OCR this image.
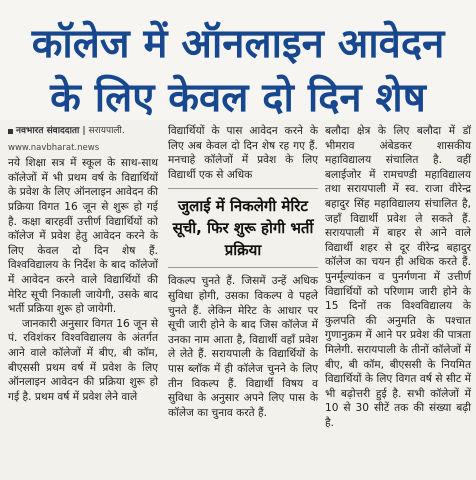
कॉलेज में ऑनलाइन आवेदन
के लिए केवल दो दिन शेष
नवभारत संवाददाता | सरायपाली.
www.navbharat.news

नये शिक्षा सत्र में स्कूल के साथ-साथ कॉलेजों में भी प्रथम वर्ष के विद्यार्थियों के प्रवेश के लिए ऑनलाइन आवेदन की प्रक्रिया विगत 16 जून से शुरू हो गई है. कक्षा बारहवीं उत्तीर्ण विद्यार्थियों को कॉलेज में प्रवेश हेतु आवेदन करने के लिए केवल दो दिन शेष हैं. विश्वविद्यालय के निर्देश के बाद कॉलेजों में आवेदन करने वाले विद्यार्थियों की मेरिट सूची निकाली जायेगी, उसके बाद भर्ती प्रक्रिया शुरू हो जायेगी.

जानकारी अनुसार विगत 16 जून से पं. रविशंकर विश्वविद्यालय के अंतर्गत आने वाले कॉलेजों में बीए, बी कॉम, बीएससी प्रथम वर्ष में प्रवेश के लिए ऑनलाइन आवेदन की प्रक्रिया शुरू हो गई है. प्रथम वर्ष में प्रवेश लेने वाले

विद्यार्थियों के पास आवेदन करने के लिए अब केवल दो दिन शेष रह गए हैं. मनचाहे कॉलेजों में प्रवेश के लिए विद्यार्थी एक से अधिक

जुलाई में निकलेगी मेरिट सूची, फिर शुरू होगी भर्ती प्रक्रिया

विकल्प चुनते हैं. जिसमें उन्हें अधिक सुविधा होगी, उसका विकल्प वे पहले चुनते हैं. लेकिन मेरिट के आधार पर सूची जारी होने के बाद जिस कॉलेज में उनका नाम आता है, विद्यार्थी वहाँ प्रवेश ले लेते हैं. सरायपाली के विद्यार्थियों के पास ब्लॉक में ही कॉलेज चुनने के लिए तीन विकल्प हैं. विद्यार्थी विषय व सुविधा के अनुसार अपने लिए पास के कॉलेज का चुनाव करते हैं.

बलौदा क्षेत्र के लिए बलौदा में डॉ भीमराव अंबेडकर शासकीय महाविद्यालय संचालित है. वहीं बलाईजोर में रामचण्डी महाविद्यालय तथा सरायपाली में स्व. राजा वीरेन्द्र बहादुर सिंह महाविद्यालय संचालित है, जहाँ विद्यार्थी प्रवेश ले सकते हैं. सरायपाली में बाहर से आने वाले विद्यार्थी शहर से दूर वीरेन्द्र बहादुर कॉलेज का चयन ही अधिक करते हैं. पुनर्मूल्यांकन व पुनर्गणना में उत्तीर्ण विद्यार्थियों को परिणाम जारी होने के 15 दिनों तक विश्वविद्यालय के कुलपति की अनुमति के पश्चात गुणानुक्रम में आने पर प्रवेश की पात्रता मिलेगी. सरायपाली के तीनों कॉलेजों में बीए, बी कॉम, बीएससी के नियमित विद्यार्थियों के लिए विगत वर्ष से सीट में भी बढ़ोत्तरी हुई है. सभी कॉलेजों में 10 से 30 सीटें तक की संख्या बढ़ी है.
